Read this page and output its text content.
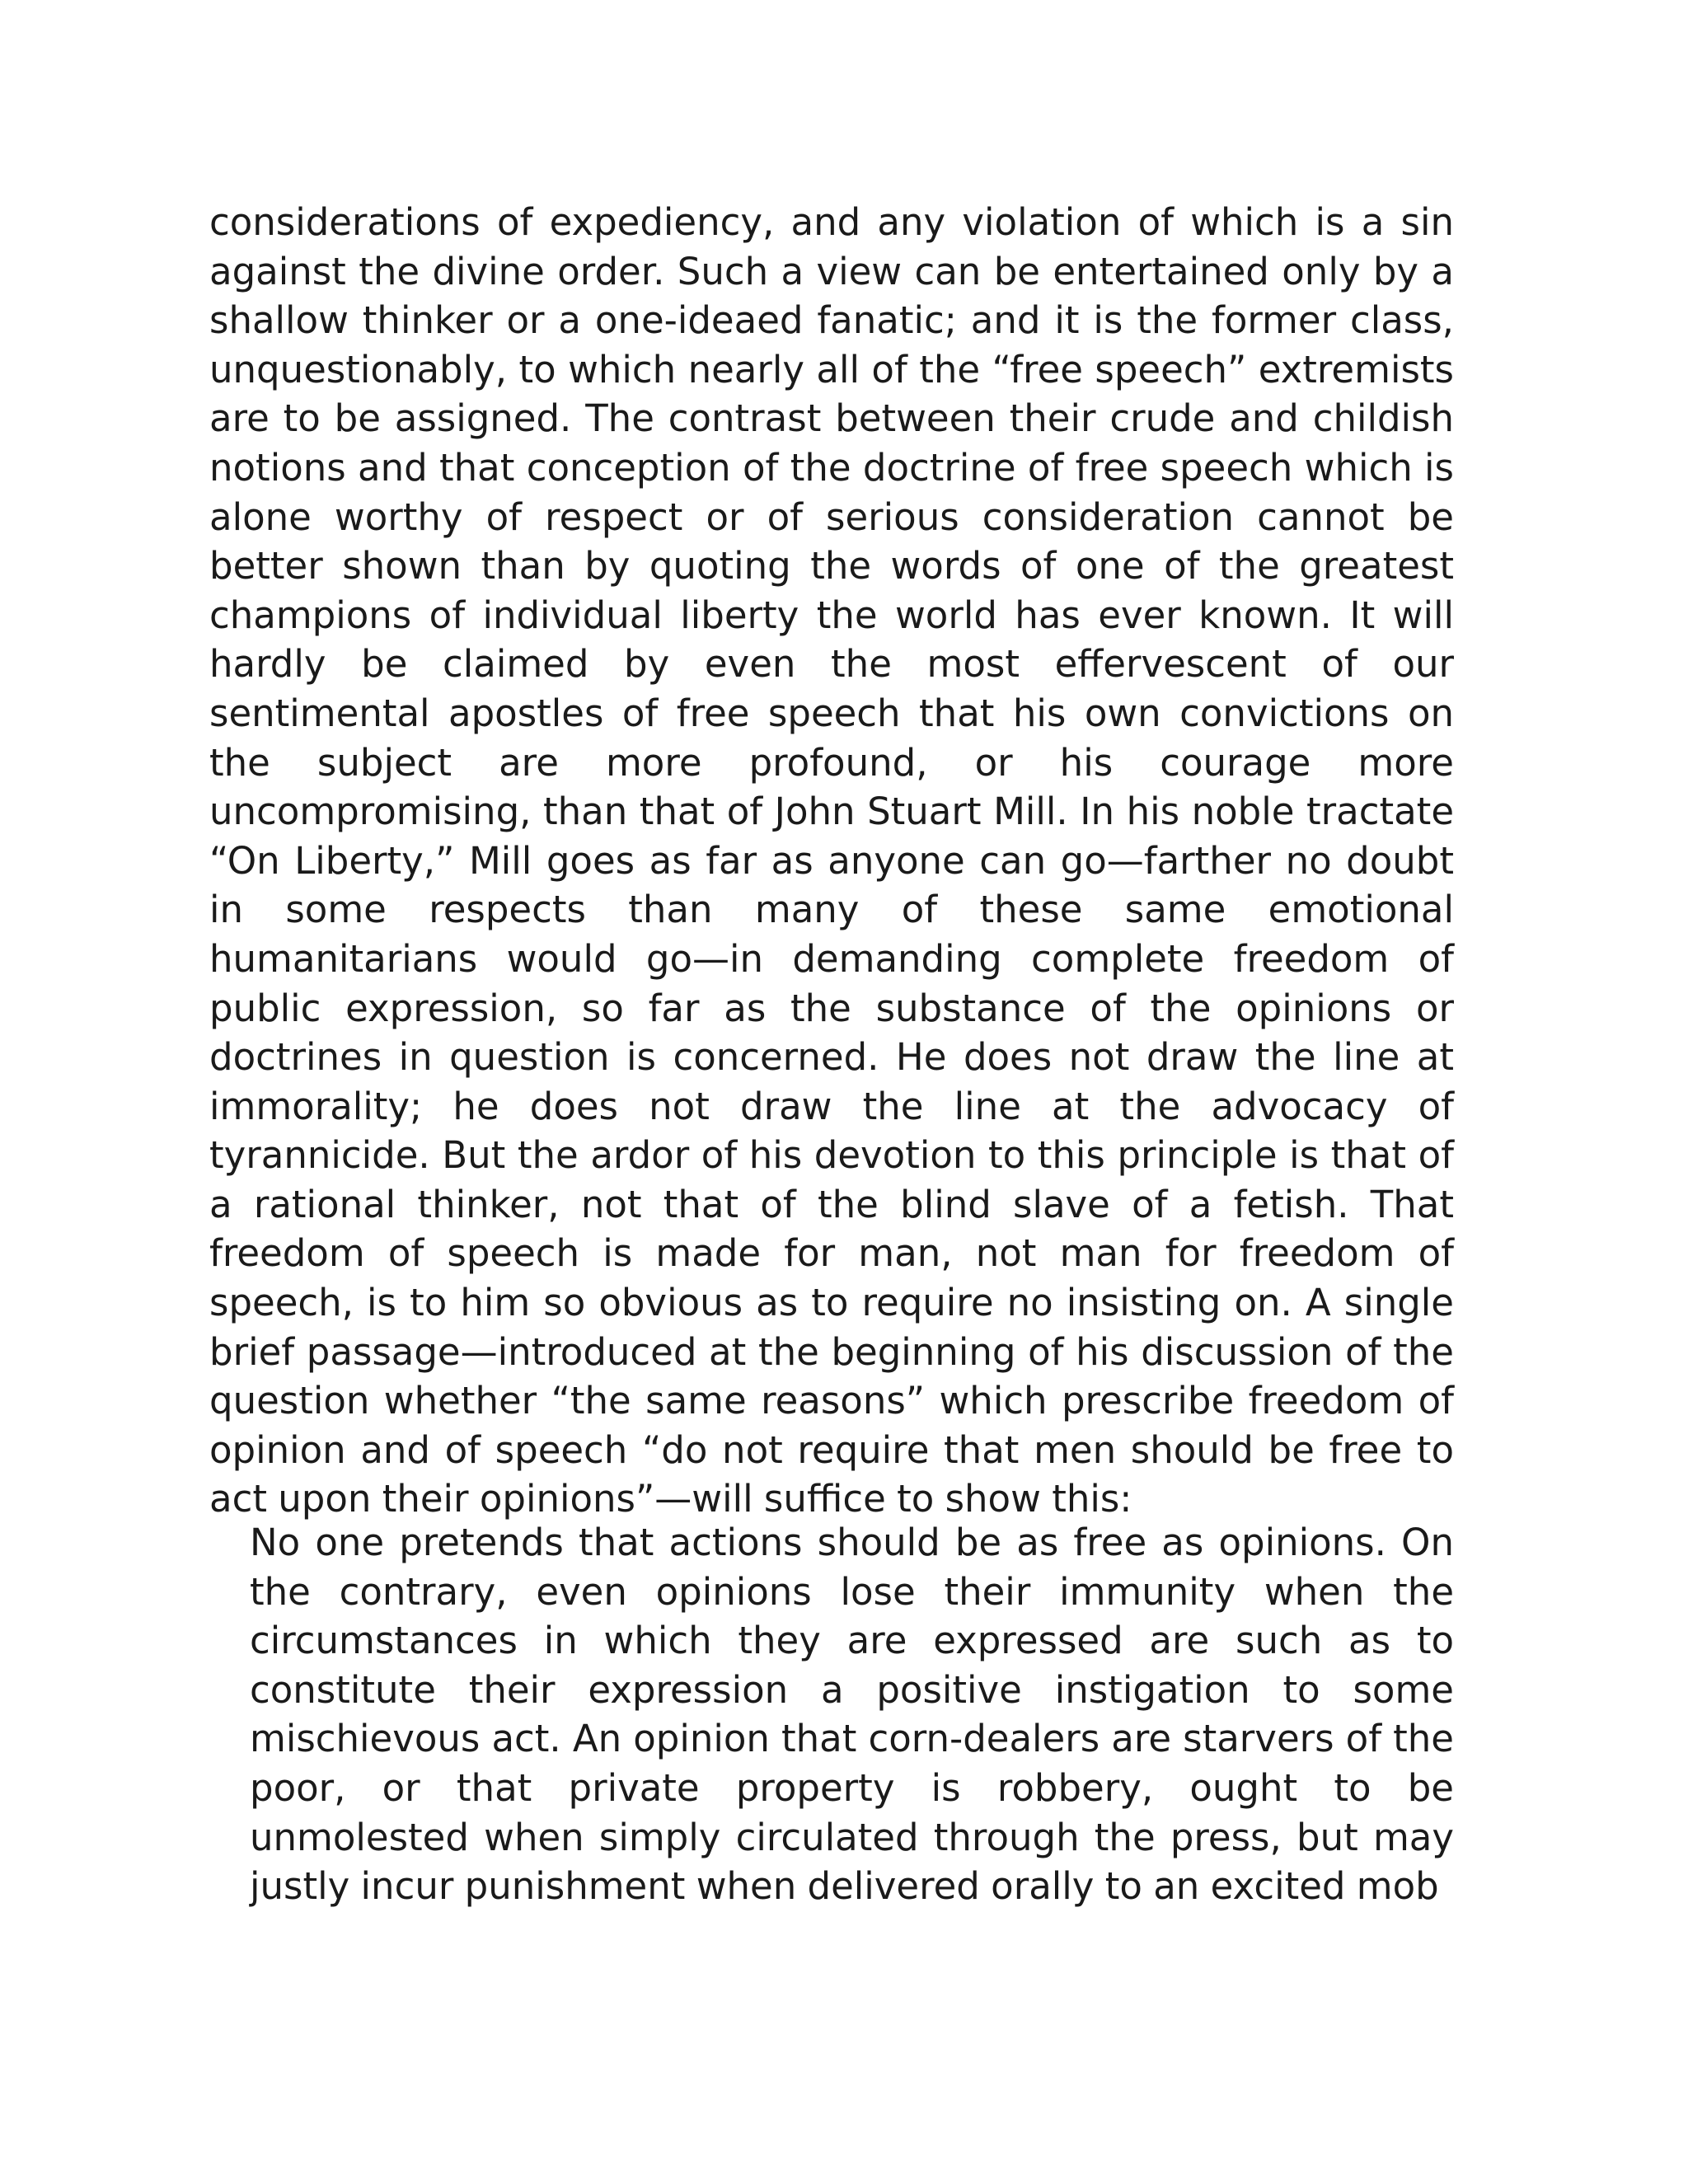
considerations of expediency, and any violation of which is a sin against the divine order. Such a view can be entertained only by a shallow thinker or a one-ideaed fanatic; and it is the former class, unquestionably, to which nearly all of the “free speech” extremists are to be assigned. The contrast between their crude and childish notions and that conception of the doctrine of free speech which is alone worthy of respect or of serious consideration cannot be better shown than by quoting the words of one of the greatest champions of individual liberty the world has ever known. It will hardly be claimed by even the most effervescent of our sentimental apostles of free speech that his own convictions on the subject are more profound, or his courage more uncompromising, than that of John Stuart Mill. In his noble tractate “On Liberty,” Mill goes as far as anyone can go—farther no doubt in some respects than many of these same emotional humanitarians would go—in demanding complete freedom of public expression, so far as the substance of the opinions or doctrines in question is concerned. He does not draw the line at immorality; he does not draw the line at the advocacy of tyrannicide. But the ardor of his devotion to this principle is that of a rational thinker, not that of the blind slave of a fetish. That freedom of speech is made for man, not man for freedom of speech, is to him so obvious as to require no insisting on. A single brief passage—introduced at the beginning of his discussion of the question whether “the same reasons” which prescribe freedom of opinion and of speech “do not require that men should be free to act upon their opinions”—will suffice to show this:

No one pretends that actions should be as free as opinions. On the contrary, even opinions lose their immunity when the circumstances in which they are expressed are such as to constitute their expression a positive instigation to some mischievous act. An opinion that corn-dealers are starvers of the poor, or that private property is robbery, ought to be unmolested when simply circulated through the press, but may justly incur punishment when delivered orally to an excited mob
